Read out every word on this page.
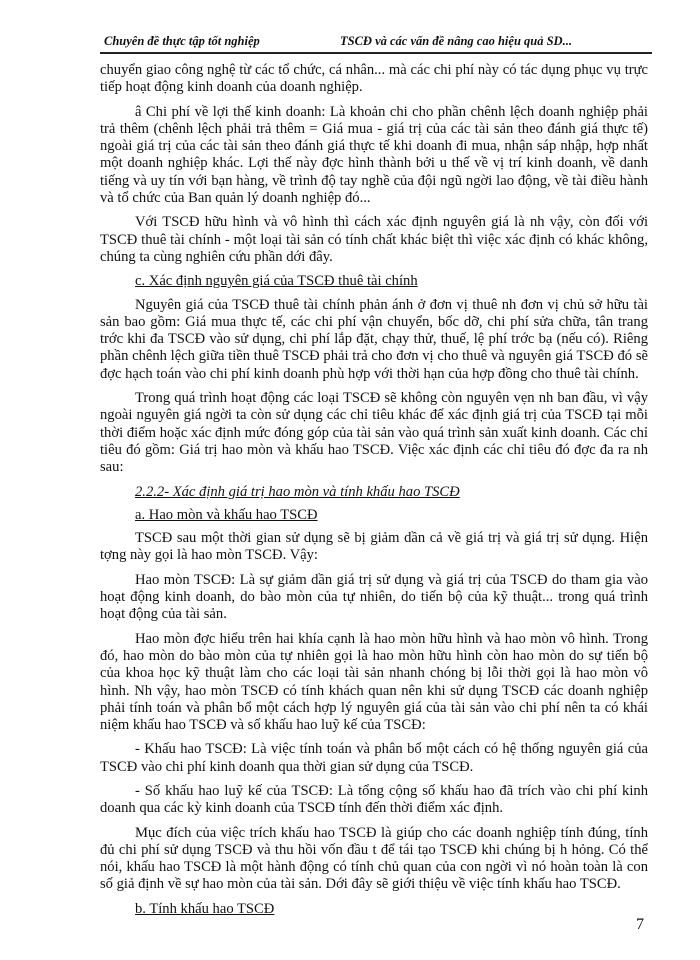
Chuyên đề thực tập tốt nghiệp	TSCĐ và các vấn đề nâng cao hiệu quả SD...

chuyển giao công nghệ từ các tổ chức, cá nhân... mà các chi phí này có tác dụng phục vụ trực tiếp hoạt động kinh doanh của doanh nghiệp.

â Chi phí về lợi thế kinh doanh: Là khoản chi cho phần chênh lệch doanh nghiệp phải trả thêm (chênh lệch phải trả thêm = Giá mua - giá trị của các tài sản theo đánh giá thực tế) ngoài giá trị của các tài sản theo đánh giá thực tế khi doanh đi mua, nhận sáp nhập, hợp nhất một doanh nghiệp khác. Lợi thế này đợc hình thành bởi u thế về vị trí kinh doanh, về danh tiếng và uy tín với bạn hàng, về trình độ tay nghề của đội ngũ ngời lao động, về tài điều hành và tổ chức của Ban quản lý doanh nghiệp đó...

Với TSCĐ hữu hình và vô hình thì cách xác định nguyên giá là nh vậy, còn đối với TSCĐ thuê tài chính - một loại tài sản có tính chất khác biệt thì việc xác định có khác không, chúng ta cùng nghiên cứu phần dới đây.

c. Xác định nguyên giá của TSCĐ thuê tài chính

Nguyên giá của TSCĐ thuê tài chính phản ánh ở đơn vị thuê nh đơn vị chủ sở hữu tài sản bao gồm: Giá mua thực tế, các chi phí vận chuyển, bốc dỡ, chi phí sửa chữa, tân trang trớc khi đa TSCĐ vào sử dụng, chi phí lắp đặt, chạy thử, thuế, lệ phí trớc bạ (nếu có). Riêng phần chênh lệch giữa tiền thuê TSCĐ phải trả cho đơn vị cho thuê và nguyên giá TSCĐ đó sẽ đợc hạch toán vào chi phí kinh doanh phù hợp với thời hạn của hợp đồng cho thuê tài chính.

Trong quá trình hoạt động các loại TSCĐ sẽ không còn nguyên vẹn nh ban đầu, vì vậy ngoài nguyên giá ngời ta còn sử dụng các chỉ tiêu khác để xác định giá trị của TSCĐ tại mỗi thời điểm hoặc xác định mức đóng góp của tài sản vào quá trình sản xuất kinh doanh. Các chỉ tiêu đó gồm: Giá trị hao mòn và khấu hao TSCĐ. Việc xác định các chỉ tiêu đó đợc đa ra nh sau:

2.2.2- Xác định giá trị hao mòn và tính khấu hao TSCĐ
a. Hao mòn và khấu hao TSCĐ

TSCĐ sau một thời gian sử dụng sẽ bị giảm dần cả về giá trị và giá trị sử dụng. Hiện tợng này gọi là hao mòn TSCĐ. Vậy:

Hao mòn TSCĐ: Là sự giảm dần giá trị sử dụng và giá trị của TSCĐ do tham gia vào hoạt động kinh doanh, do bào mòn của tự nhiên, do tiến bộ của kỹ thuật... trong quá trình hoạt động của tài sản.

Hao mòn đợc hiểu trên hai khía cạnh là hao mòn hữu hình và hao mòn vô hình. Trong đó, hao mòn do bào mòn của tự nhiên gọi là hao mòn hữu hình còn hao mòn do sự tiến bộ của khoa học kỹ thuật làm cho các loại tài sản nhanh chóng bị lỗi thời gọi là hao mòn vô hình. Nh vậy, hao mòn TSCĐ có tính khách quan nên khi sử dụng TSCĐ các doanh nghiệp phải tính toán và phân bổ một cách hợp lý nguyên giá của tài sản vào chi phí nên ta có khái niệm khấu hao TSCĐ và số khấu hao luỹ kế của TSCĐ:

- Khấu hao TSCĐ: Là việc tính toán và phân bổ một cách có hệ thống nguyên giá của TSCĐ vào chi phí kinh doanh qua thời gian sử dụng của TSCĐ.

- Số khấu hao luỹ kế của TSCĐ: Là tổng cộng số khấu hao đã trích vào chi phí kinh doanh qua các kỳ kinh doanh của TSCĐ tính đến thời điểm xác định.

Mục đích của việc trích khấu hao TSCĐ là giúp cho các doanh nghiệp tính đúng, tính đủ chi phí sử dụng TSCĐ và thu hồi vốn đầu t để tái tạo TSCĐ khi chúng bị h hỏng. Có thể nói, khấu hao TSCĐ là một hành động có tính chủ quan của con ngời vì nó hoàn toàn là con số giả định về sự hao mòn của tài sản. Dới đây sẽ giới thiệu về việc tính khấu hao TSCĐ.

b. Tính khấu hao TSCĐ
7
